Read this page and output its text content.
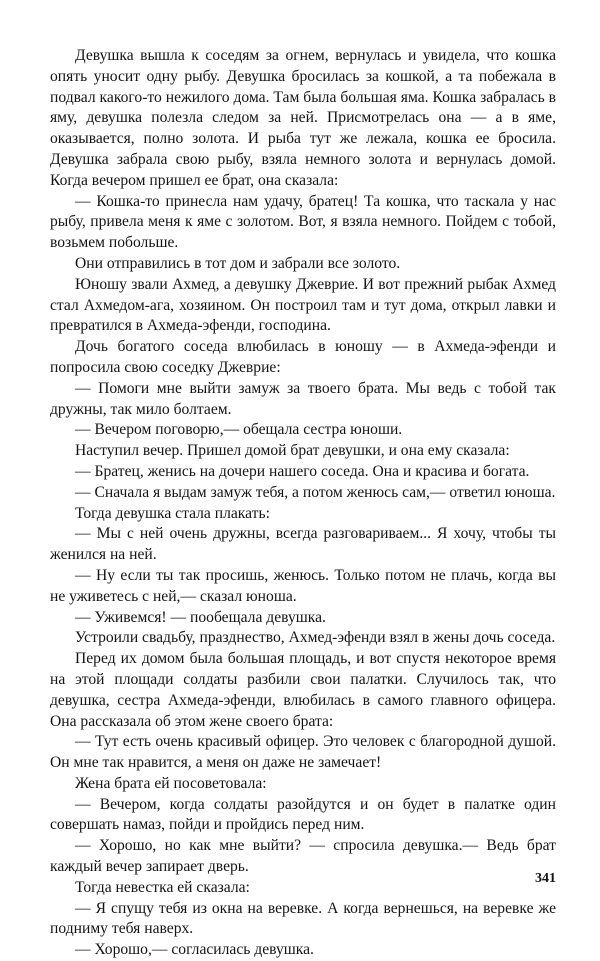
Девушка вышла к соседям за огнем, вернулась и увидела, что кошка опять уносит одну рыбу. Девушка бросилась за кошкой, а та побежала в подвал какого-то нежилого дома. Там была большая яма. Кошка забралась в яму, девушка полезла следом за ней. Присмотрелась она — а в яме, оказывается, полно золота. И рыба тут же лежала, кошка ее бросила. Девушка забрала свою рыбу, взяла немного золота и вернулась домой. Когда вечером пришел ее брат, она сказала:

— Кошка-то принесла нам удачу, братец! Та кошка, что таскала у нас рыбу, привела меня к яме с золотом. Вот, я взяла немного. Пойдем с тобой, возьмем побольше.

Они отправились в тот дом и забрали все золото.

Юношу звали Ахмед, а девушку Джеврие. И вот прежний рыбак Ахмед стал Ахмедом-ага, хозяином. Он построил там и тут дома, открыл лавки и превратился в Ахмеда-эфенди, господина.

Дочь богатого соседа влюбилась в юношу — в Ахмеда-эфенди и попросила свою соседку Джеврие:

— Помоги мне выйти замуж за твоего брата. Мы ведь с тобой так дружны, так мило болтаем.

— Вечером поговорю,— обещала сестра юноши.

Наступил вечер. Пришел домой брат девушки, и она ему сказала:

— Братец, женись на дочери нашего соседа. Она и красива и богата.

— Сначала я выдам замуж тебя, а потом женюсь сам,— ответил юноша.

Тогда девушка стала плакать:

— Мы с ней очень дружны, всегда разговариваем... Я хочу, чтобы ты женился на ней.

— Ну если ты так просишь, женюсь. Только потом не плачь, когда вы не уживетесь с ней,— сказал юноша.

— Уживемся! — пообещала девушка.

Устроили свадьбу, празднество, Ахмед-эфенди взял в жены дочь соседа.

Перед их домом была большая площадь, и вот спустя некоторое время на этой площади солдаты разбили свои палатки. Случилось так, что девушка, сестра Ахмеда-эфенди, влюбилась в самого главного офицера. Она рассказала об этом жене своего брата:

— Тут есть очень красивый офицер. Это человек с благородной душой. Он мне так нравится, а меня он даже не замечает!

Жена брата ей посоветовала:

— Вечером, когда солдаты разойдутся и он будет в палатке один совершать намаз, пойди и пройдись перед ним.

— Хорошо, но как мне выйти? — спросила девушка.— Ведь брат каждый вечер запирает дверь.

Тогда невестка ей сказала:

— Я спущу тебя из окна на веревке. А когда вернешься, на веревке же подниму тебя наверх.

— Хорошо,— согласилась девушка.

341
